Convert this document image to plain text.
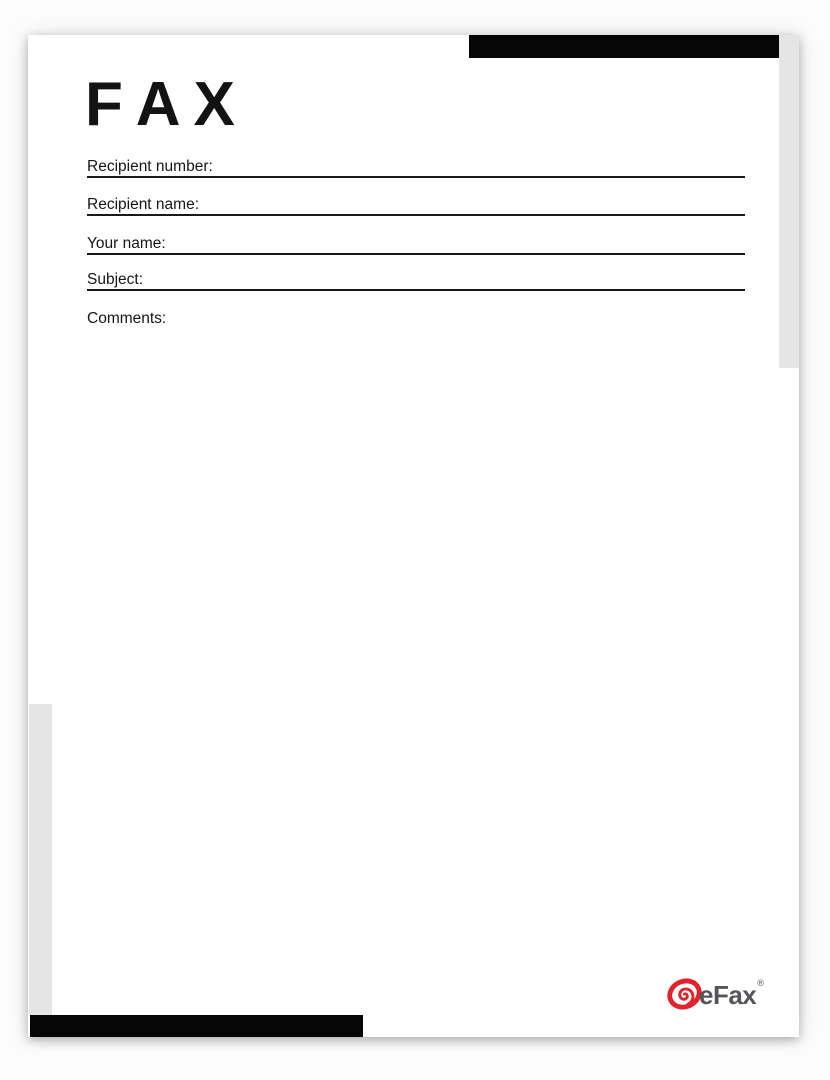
F A X
Recipient number:
Recipient name:
Your name:
Subject:
Comments:
eFax ®
